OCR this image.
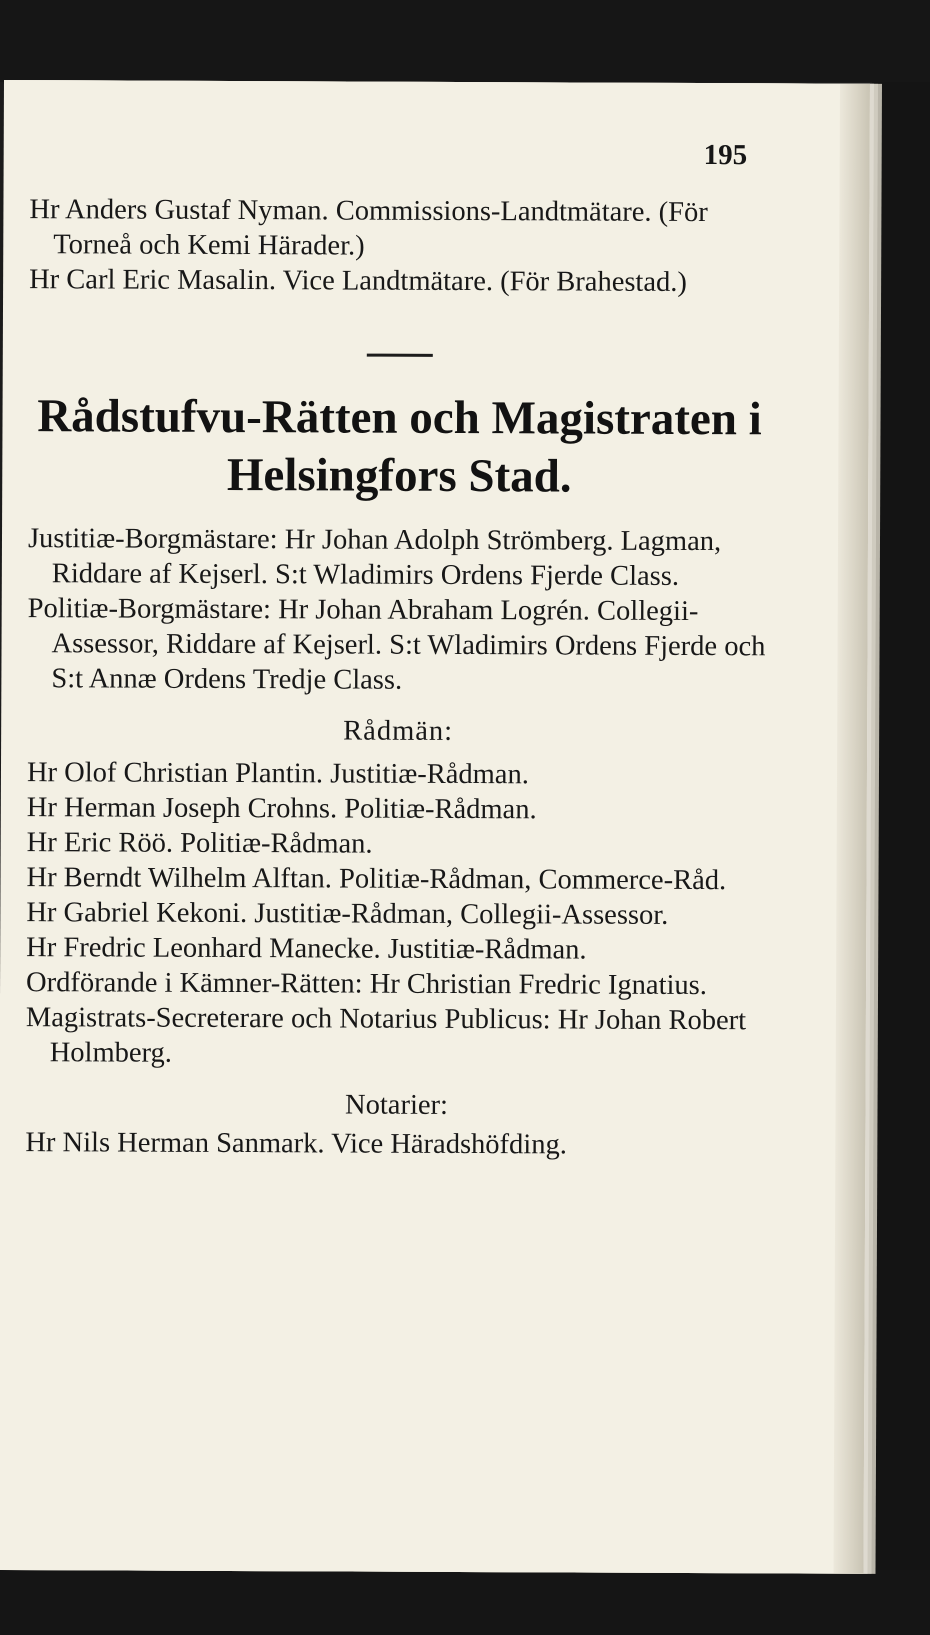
195

Hr Anders Gustaf Nyman. Commissions-Landtmätare. (För Torneå och Kemi Härader.)

Hr Carl Eric Masalin. Vice Landtmätare. (För Brahestad.)

Rådstufvu-Rätten och Magistraten i Helsingfors Stad.

Justitiæ-Borgmästare: Hr Johan Adolph Strömberg. Lagman, Riddare af Kejserl. S:t Wladimirs Ordens Fjerde Class.

Politiæ-Borgmästare: Hr Johan Abraham Logrén. Collegii-Assessor, Riddare af Kejserl. S:t Wladimirs Ordens Fjerde och S:t Annæ Ordens Tredje Class.

Rådmän:

Hr Olof Christian Plantin. Justitiæ-Rådman.

Hr Herman Joseph Crohns. Politiæ-Rådman.

Hr Eric Röö. Politiæ-Rådman.

Hr Berndt Wilhelm Alftan. Politiæ-Rådman, Commerce-Råd.

Hr Gabriel Kekoni. Justitiæ-Rådman, Collegii-Assessor.

Hr Fredric Leonhard Manecke. Justitiæ-Rådman.

Ordförande i Kämner-Rätten: Hr Christian Fredric Ignatius.

Magistrats-Secreterare och Notarius Publicus: Hr Johan Robert Holmberg.

Notarier:

Hr Nils Herman Sanmark. Vice Häradshöfding.
